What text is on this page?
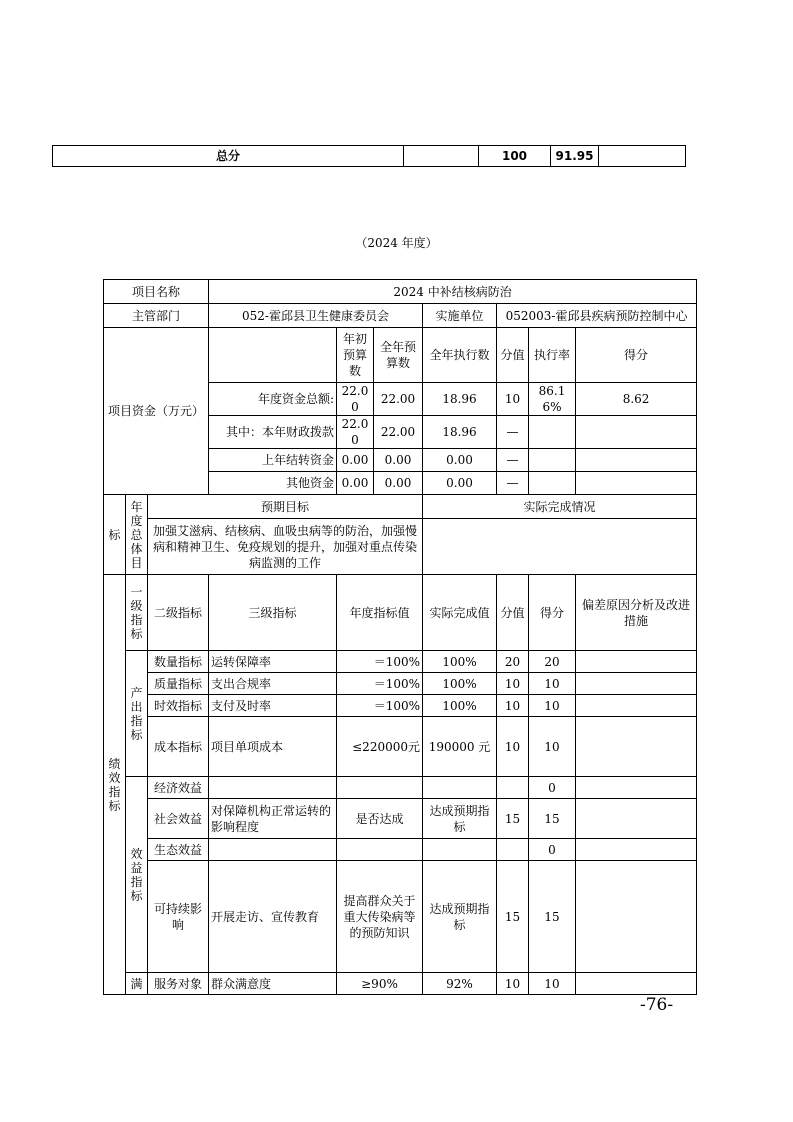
总分		100	91.95	
（2024 年度）
项目名称			2024 中补结核病防治						
主管部门			052-霍邱县卫生健康委员会			实施单位	052003-霍邱县疾病预防控制中心		
项目资金（万元）				年初预算数	全年预算数	全年执行数	分值	执行率	得分
			年度资金总额:	22.00	22.00	18.96	10	86.16%	8.62
			其中：本年财政拨款	22.00	22.00	18.96	—		
			上年结转资金	0.00	0.00	0.00	—		
			其他资金	0.00	0.00	0.00	—		
标	年度总体目	预期目标				实际完成情况			
		加强艾滋病、结核病、血吸虫病等的防治，加强慢病和精神卫生、免疫规划的提升，加强对重点传染病监测的工作							
绩效指标	一级指标	二级指标	三级指标	年度指标值		实际完成值	分值	得分	偏差原因分析及改进措施
	产出指标	数量指标	运转保障率	＝100%		100%	20	20	
		质量指标	支出合规率	＝100%		100%	10	10	
		时效指标	支付及时率	＝100%		100%	10	10	
		成本指标	项目单项成本	≤220000元		190000 元	10	10	
	效益指标	经济效益						0	
		社会效益	对保障机构正常运转的影响程度	是否达成		达成预期指标	15	15	
		生态效益						0	
		可持续影响	开展走访、宣传教育	提高群众关于重大传染病等的预防知识		达成预期指标	15	15	
	满	服务对象	群众满意度	≥90%		92%	10	10	
-76-
